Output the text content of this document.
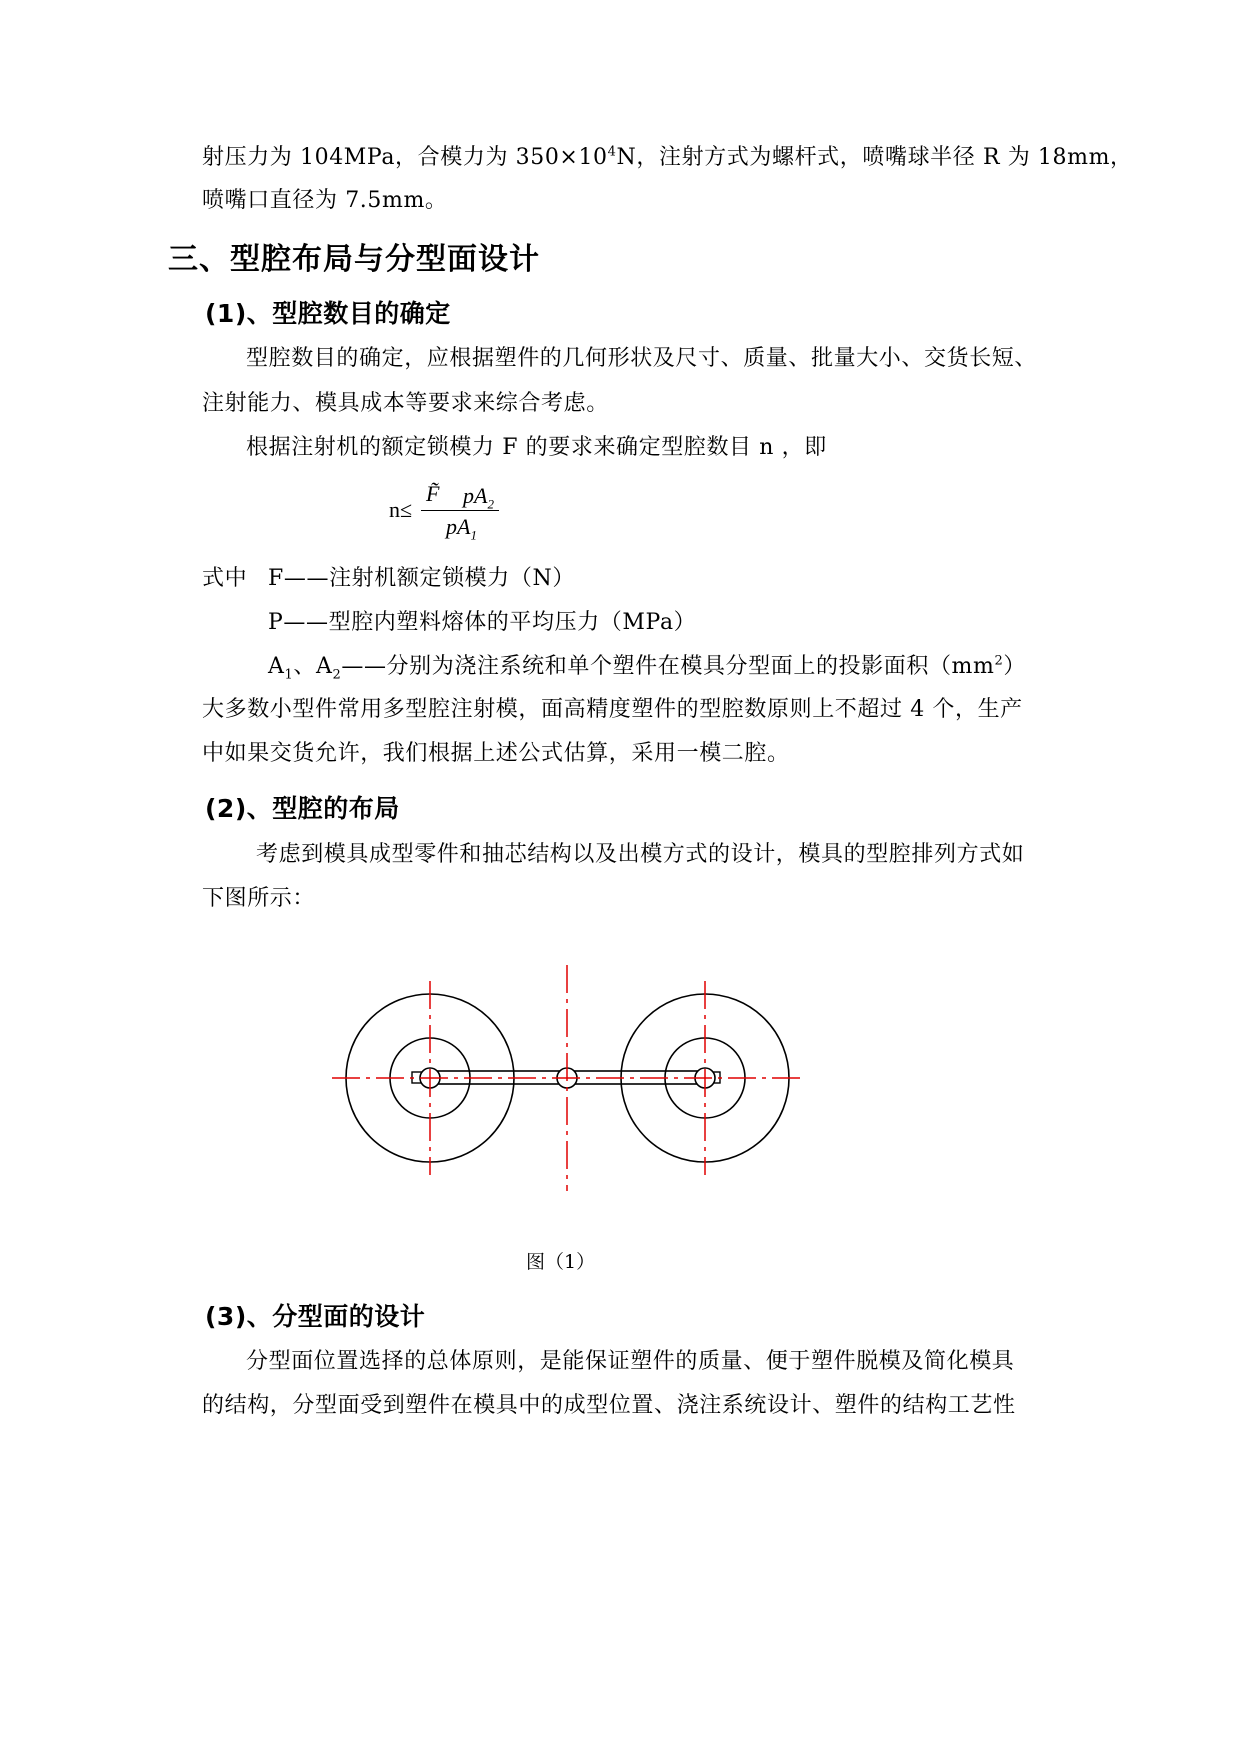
射压力为 104MPa，合模力为 $350\times 10^4N$，注射方式为螺杆式，喷嘴球半径 R 为 18mm，
喷嘴口直径为 7.5mm。
三、型腔布局与分型面设计
(1)、型腔数目的确定
型腔数目的确定，应根据塑件的几何形状及尺寸、质量、批量大小、交货长短、
注射能力、模具成本等要求来综合考虑。
根据注射机的额定锁模力 F 的要求来确定型腔数目 n ，即
n≤
F̃ $pA_2$
$pA_1$
式中 F——注射机额定锁模力（N）
P——型腔内塑料熔体的平均压力（MPa）
$A_1$、$A_2——$分别为浇注系统和单个塑件在模具分型面上的投影面积$(mm^2)$
大多数小型件常用多型腔注射模，面高精度塑件的型腔数原则上不超过 4 个，生产
中如果交货允许，我们根据上述公式估算，采用一模二腔。
(2)、型腔的布局
考虑到模具成型零件和抽芯结构以及出模方式的设计，模具的型腔排列方式如
下图所示：
图（1）
(3)、分型面的设计
分型面位置选择的总体原则，是能保证塑件的质量、便于塑件脱模及简化模具
的结构，分型面受到塑件在模具中的成型位置、浇注系统设计、塑件的结构工艺性
